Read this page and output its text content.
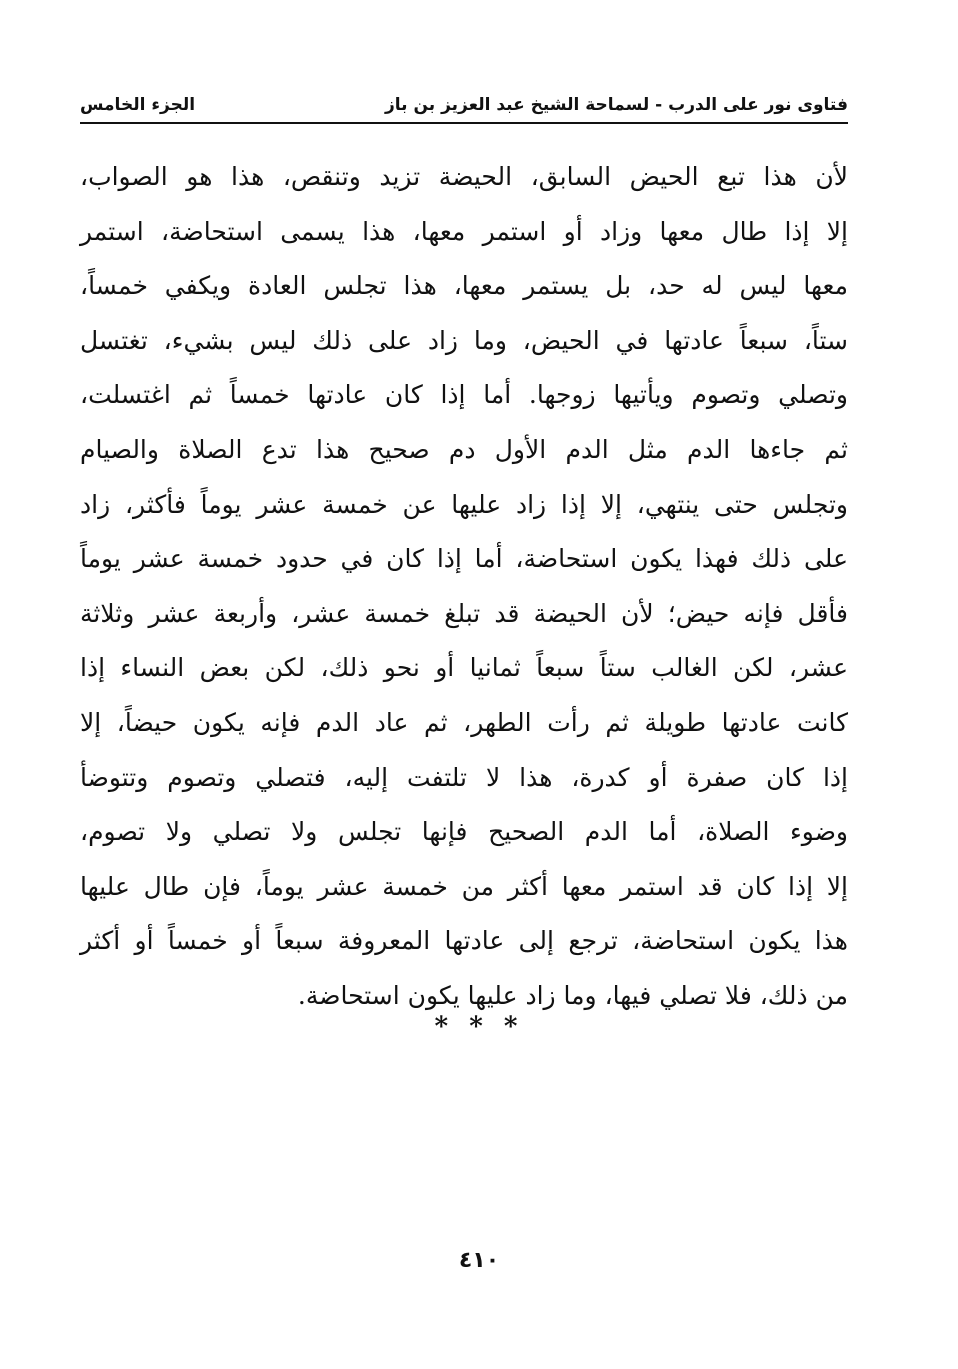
فتاوى نور على الدرب - لسماحة الشيخ عبد العزيز بن باز
الجزء الخامس
لأن هذا تبع الحيض السابق، الحيضة تزيد وتنقص، هذا هو الصواب،
إلا إذا طال معها وزاد أو استمر معها، هذا يسمى استحاضة، استمر
معها ليس له حد، بل يستمر معها، هذا تجلس العادة ويكفي خمساً،
ستاً، سبعاً عادتها في الحيض، وما زاد على ذلك ليس بشيء، تغتسل
وتصلي وتصوم ويأتيها زوجها. أما إذا كان عادتها خمساً ثم اغتسلت،
ثم جاءها الدم مثل الدم الأول دم صحيح هذا تدع الصلاة والصيام
وتجلس حتى ينتهي، إلا إذا زاد عليها عن خمسة عشر يوماً فأكثر، زاد
على ذلك فهذا يكون استحاضة، أما إذا كان في حدود خمسة عشر يوماً
فأقل فإنه حيض؛ لأن الحيضة قد تبلغ خمسة عشر، وأربعة عشر وثلاثة
عشر، لكن الغالب ستاً سبعاً ثمانيا أو نحو ذلك، لكن بعض النساء إذا
كانت عادتها طويلة ثم رأت الطهر، ثم عاد الدم فإنه يكون حيضاً، إلا
إذا كان صفرة أو كدرة، هذا لا تلتفت إليه، فتصلي وتصوم وتتوضأ
وضوء الصلاة، أما الدم الصحيح فإنها تجلس ولا تصلي ولا تصوم،
إلا إذا كان قد استمر معها أكثر من خمسة عشر يوماً، فإن طال عليها
هذا يكون استحاضة، ترجع إلى عادتها المعروفة سبعاً أو خمساً أو أكثر
من ذلك، فلا تصلي فيها، وما زاد عليها يكون استحاضة.
* * *
٤١٠
